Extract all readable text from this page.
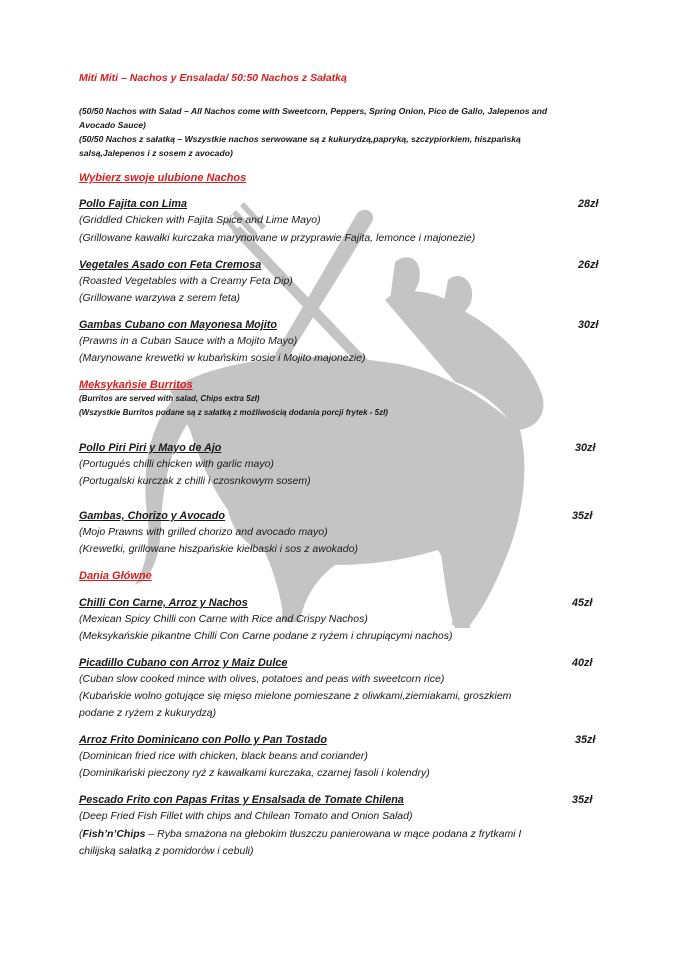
Miti Miti – Nachos y Ensalada/ 50:50 Nachos z Sałatką
(50/50 Nachos with Salad – All Nachos come with Sweetcorn, Peppers, Spring Onion, Pico de Gallo, Jalepenos and
Avocado Sauce)
(50/50 Nachos z sałatką – Wszystkie nachos serwowane są z kukurydzą,papryką, szczypiorkiem, hiszpańską
salsą,Jalepenos i z sosem z avocado)
Wybierz swoje ulubione Nachos
Pollo Fajita con Lima	28zł
(Griddled Chicken with Fajita Spice and Lime Mayo)
(Grillowane kawałki kurczaka marynowane w przyprawie Fajita, lemonce i majonezie)
Vegetales Asado con Feta Cremosa	26zł
(Roasted Vegetables with a Creamy Feta Dip)
(Grillowane warzywa z serem feta)
Gambas Cubano con Mayonesa Mojito	30zł
(Prawns in a Cuban Sauce with a Mojito Mayo)
(Marynowane krewetki w kubańskim sosie i Mojito majonezie)
Meksykańsie Burritos
(Burritos are served with salad, Chips extra 5zł)
(Wszystkie Burritos podane są z sałatką z możliwością dodania porcji frytek - 5zł)
Pollo Piri Piri y Mayo de Ajo	30zł
(Portugués chilli chicken with garlic mayo)
(Portugalski kurczak z chilli i czosnkowym sosem)
Gambas, Chorizo y Avocado	35zł
(Mojo Prawns with grilled chorizo and avocado mayo)
(Krewetki, grillowane hiszpańskie kiełbaski i sos z awokado)
Dania Główne
Chilli Con Carne, Arroz y Nachos	45zł
(Mexican Spicy Chilli con Carne with Rice and Crispy Nachos)
(Meksykańskie pikantne Chilli Con Carne podane z ryżem i chrupiącymi nachos)
Picadillo Cubano con Arroz y Maiz Dulce	40zł
(Cuban slow cooked mince with olives, potatoes and peas with sweetcorn rice)
(Kubańskie wolno gotujące się mięso mielone pomieszane z oliwkami,ziemiakami, groszkiem
podane z ryżem z kukurydzą)
Arroz Frito Dominicano con Pollo y Pan Tostado	35zł
(Dominican fried rice with chicken, black beans and coriander)
(Dominikański pieczony ryż z kawałkami kurczaka, czarnej fasoli i kolendry)
Pescado Frito con Papas Fritas y Ensalsada de Tomate Chilena	35zł
(Deep Fried Fish Fillet with chips and Chilean Tomato and Onion Salad)
(Fish’n’Chips – Ryba smażona na głebokim tłuszczu panierowana w mące podana z frytkami I
chilijską sałatką z pomidorów i cebuli)
